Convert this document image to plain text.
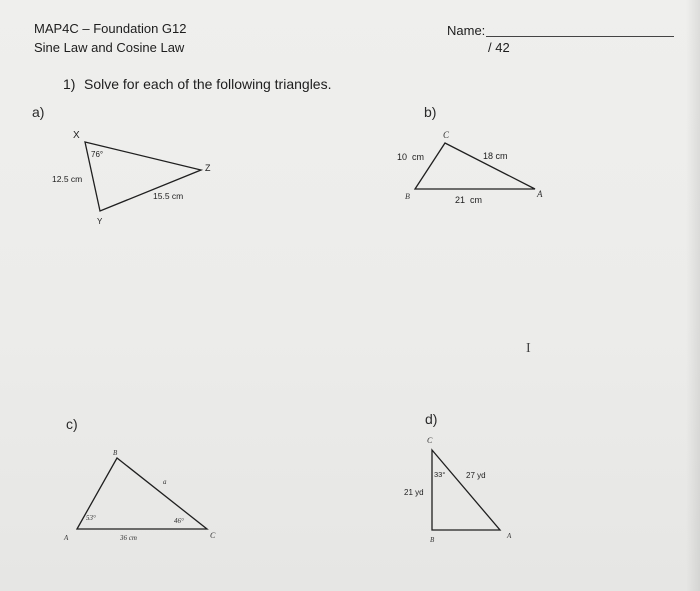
MAP4C – Foundation G12
Sine Law and Cosine Law
Name:
/ 42
1) Solve for each of the following triangles.
a)	b)
c)	d)
X
Y
Z
76°
12.5 cm
15.5 cm
C
B	A
10  cm	18 cm
21  cm
B
A	C
a
53°	46°
36 cm
C
B	A
33°
21 yd
27 yd
I
